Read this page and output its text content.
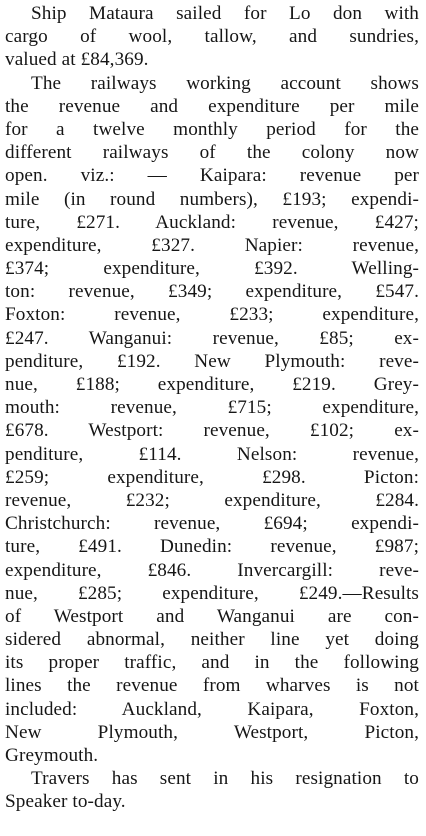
Ship Mataura sailed for Lo don with
cargo of wool, tallow, and sundries,
valued at £84,369.

The railways working account shows
the revenue and expenditure per mile
for a twelve monthly period for the
different railways of the colony now
open. viz.: — Kaipara: revenue per
mile (in round numbers), £193; expendi-
ture, £271. Auckland: revenue, £427;
expenditure, £327. Napier: revenue,
£374; expenditure, £392. Welling-
ton: revenue, £349; expenditure, £547.
Foxton: revenue, £233; expenditure,
£247. Wanganui: revenue, £85; ex-
penditure, £192. New Plymouth: reve-
nue, £188; expenditure, £219. Grey-
mouth: revenue, £715; expenditure,
£678. Westport: revenue, £102; ex-
penditure, £114. Nelson: revenue,
£259; expenditure, £298. Picton:
revenue, £232; expenditure, £284.
Christchurch: revenue, £694; expendi-
ture, £491. Dunedin: revenue, £987;
expenditure, £846. Invercargill: reve-
nue, £285; expenditure, £249.—Results
of Westport and Wanganui are con-
sidered abnormal, neither line yet doing
its proper traffic, and in the following
lines the revenue from wharves is not
included: Auckland, Kaipara, Foxton,
New Plymouth, Westport, Picton,
Greymouth.

Travers has sent in his resignation to
Speaker to-day.
